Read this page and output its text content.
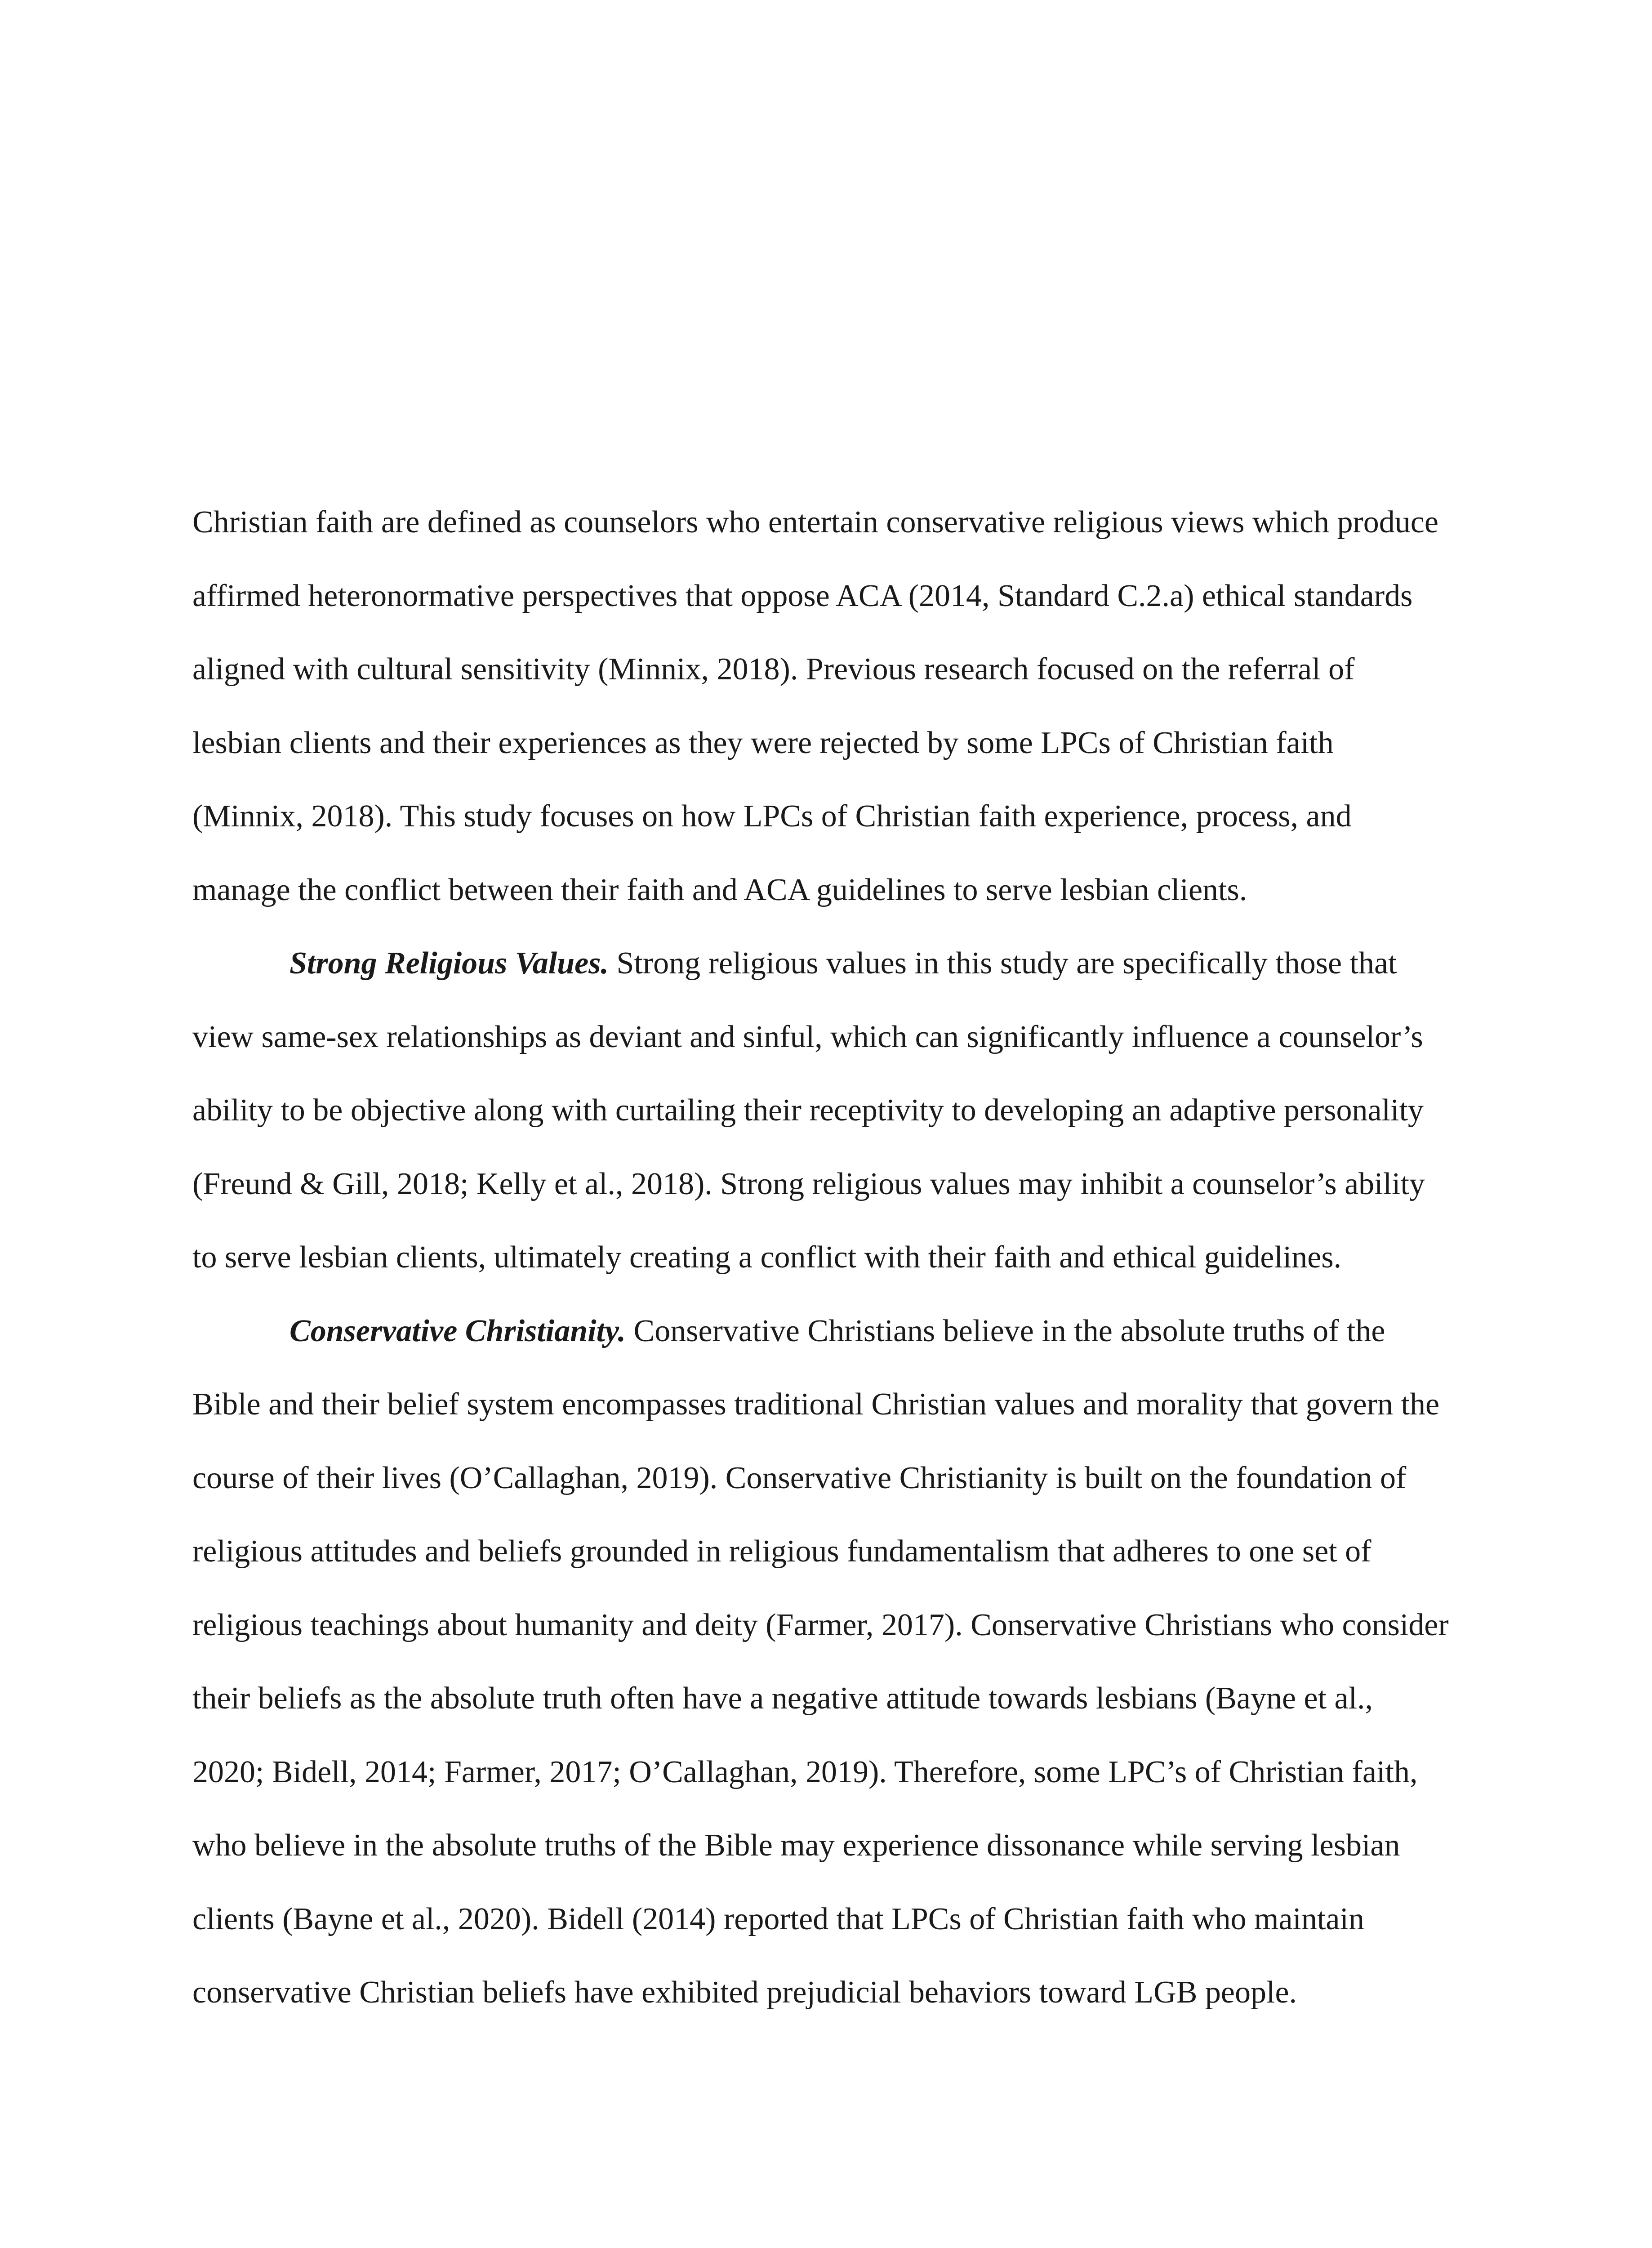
Christian faith are defined as counselors who entertain conservative religious views which produce affirmed heteronormative perspectives that oppose ACA (2014, Standard C.2.a) ethical standards aligned with cultural sensitivity (Minnix, 2018). Previous research focused on the referral of lesbian clients and their experiences as they were rejected by some LPCs of Christian faith (Minnix, 2018). This study focuses on how LPCs of Christian faith experience, process, and manage the conflict between their faith and ACA guidelines to serve lesbian clients.

Strong Religious Values. Strong religious values in this study are specifically those that view same-sex relationships as deviant and sinful, which can significantly influence a counselor’s ability to be objective along with curtailing their receptivity to developing an adaptive personality (Freund & Gill, 2018; Kelly et al., 2018). Strong religious values may inhibit a counselor’s ability to serve lesbian clients, ultimately creating a conflict with their faith and ethical guidelines.

Conservative Christianity. Conservative Christians believe in the absolute truths of the Bible and their belief system encompasses traditional Christian values and morality that govern the course of their lives (O’Callaghan, 2019). Conservative Christianity is built on the foundation of religious attitudes and beliefs grounded in religious fundamentalism that adheres to one set of religious teachings about humanity and deity (Farmer, 2017). Conservative Christians who consider their beliefs as the absolute truth often have a negative attitude towards lesbians (Bayne et al., 2020; Bidell, 2014; Farmer, 2017; O’Callaghan, 2019). Therefore, some LPC’s of Christian faith, who believe in the absolute truths of the Bible may experience dissonance while serving lesbian clients (Bayne et al., 2020). Bidell (2014) reported that LPCs of Christian faith who maintain conservative Christian beliefs have exhibited prejudicial behaviors toward LGB people.
